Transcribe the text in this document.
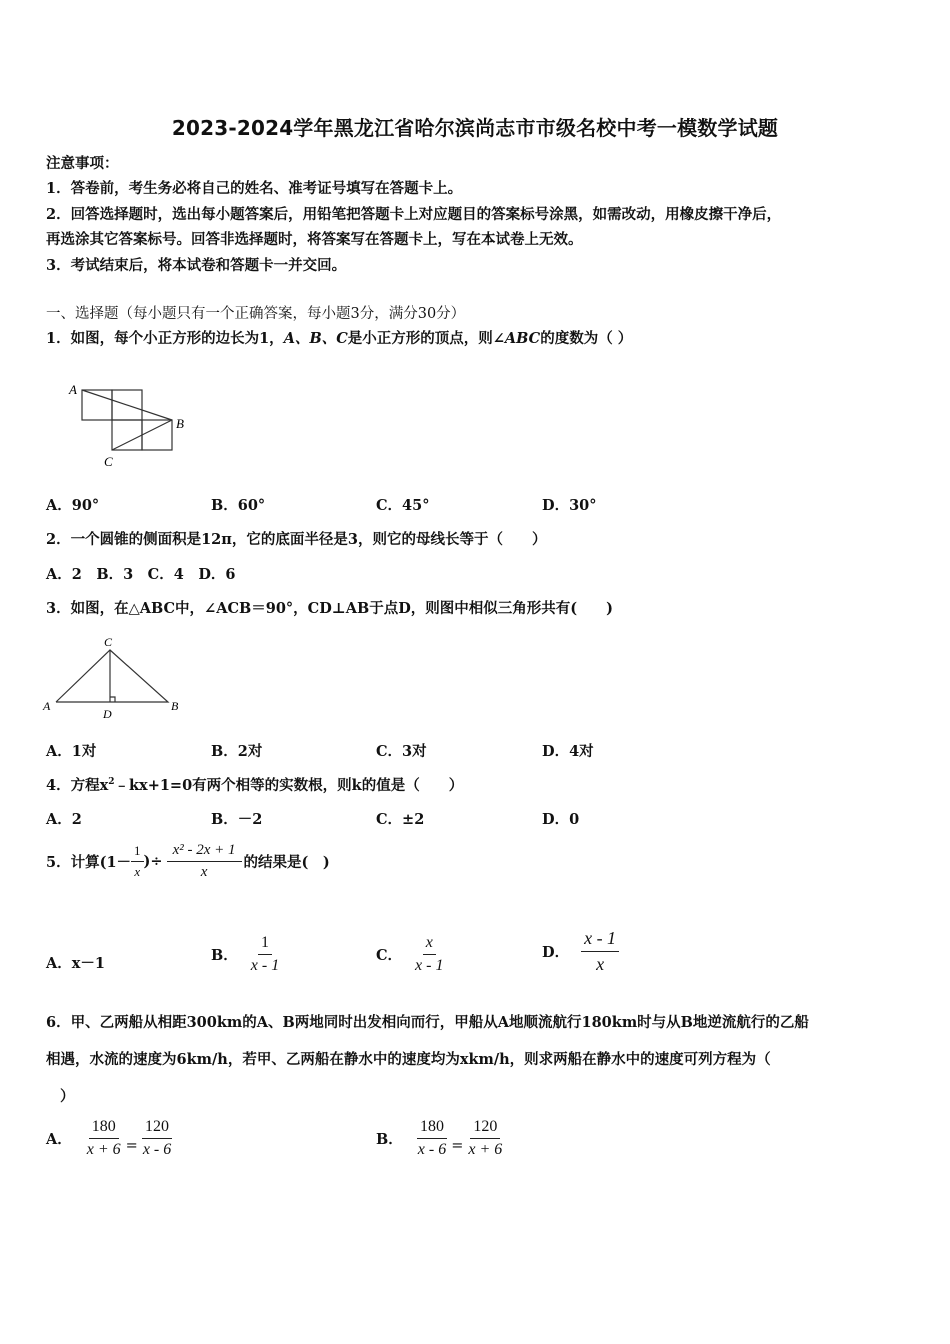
2023-2024学年黑龙江省哈尔滨尚志市市级名校中考一模数学试题
注意事项：
1．答卷前，考生务必将自己的姓名、准考证号填写在答题卡上。
2．回答选择题时，选出每小题答案后，用铅笔把答题卡上对应题目的答案标号涂黑，如需改动，用橡皮擦干净后，
再选涂其它答案标号。回答非选择题时，将答案写在答题卡上，写在本试卷上无效。
3．考试结束后，将本试卷和答题卡一并交回。
一、选择题（每小题只有一个正确答案，每小题3分，满分30分）
1．如图，每个小正方形的边长为1，A、B、C是小正方形的顶点，则∠ABC的度数为（ ）
A
B
C
A．90°	B．60°	C．45°	D．30°
2．一个圆锥的侧面积是12π，它的底面半径是3，则它的母线长等于（　　）
A．2　B．3　C．4　D．6
3．如图，在△ABC中，∠ACB＝90°，CD⊥AB于点D，则图中相似三角形共有(　　)
A	B
C
D
A．1对	B．2对	C．3对	D．4对
4．方程$x^2﹣kx+1=0$有两个相等的实数根，则k的值是（　　）
A．2	B．－2	C．±2	D．0
5．计算($1- \frac{1}{x}$ )÷ $\frac{\text{x² - 2x + 1}}{x}$ 的结果是(　)
A．x－1	B． $\frac{1}{x - 1}$	C． $\frac{x}{x - 1}$	D． $\frac{x - 1}{x}$
6．甲、乙两船从相距300km的A、B两地同时出发相向而行，甲船从A地顺流航行180km时与从B地逆流航行的乙船
相遇，水流的速度为6km/h，若甲、乙两船在静水中的速度均为xkm/h，则求两船在静水中的速度可列方程为（
）
A． $\frac{180}{x + 6} = \frac{120}{x - 6}$	B． $\frac{180}{x - 6} = \frac{120}{x + 6}$
